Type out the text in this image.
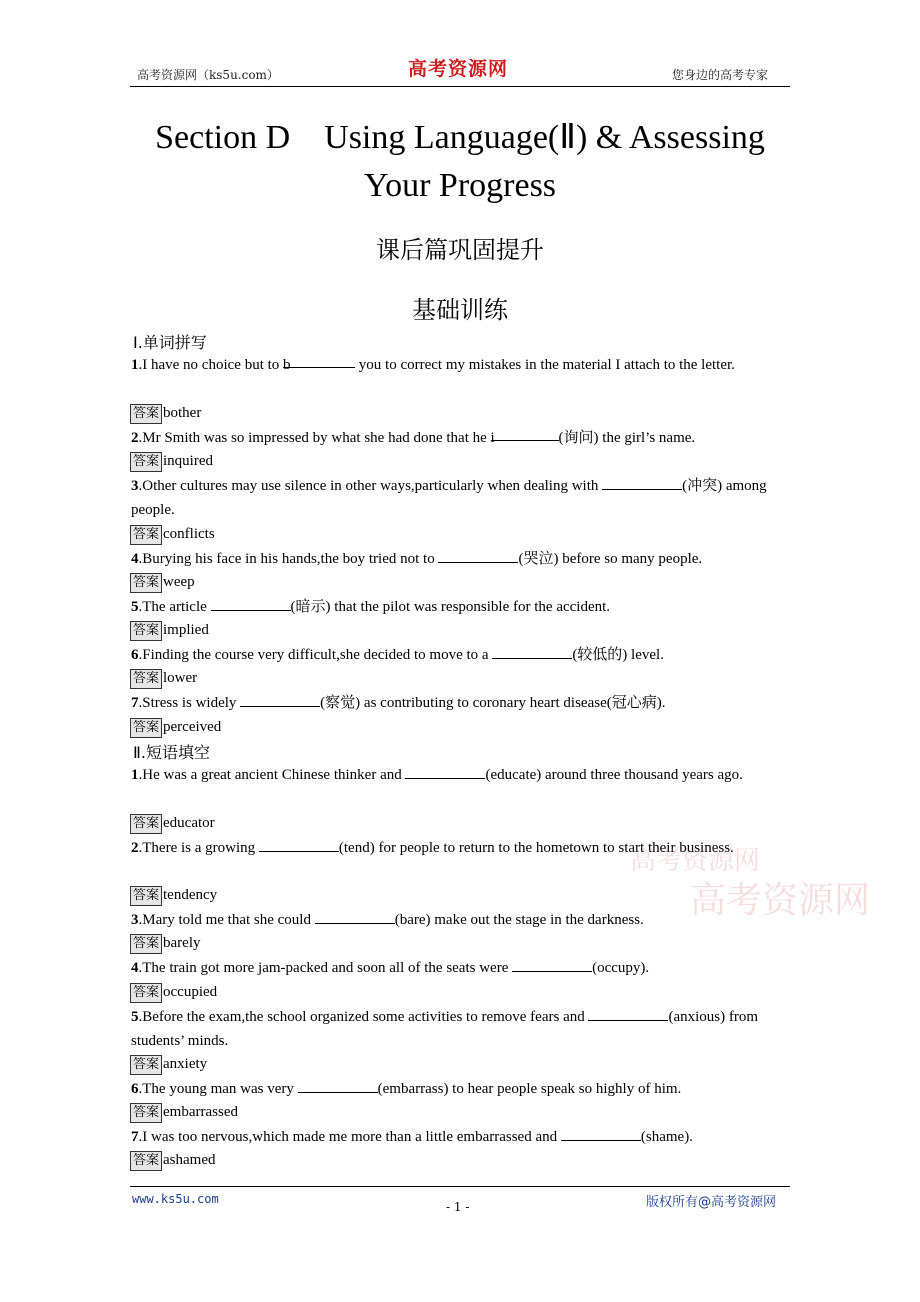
高考资源网（ks5u.com）	高考资源网	您身边的高考专家
Section D　Using Language(Ⅱ) & Assessing
Your Progress
课后篇巩固提升
基础训练
Ⅰ.单词拼写
1.I have no choice but to b	you to correct my mistakes in the material I attach to the letter.
答案 bother
2.Mr Smith was so impressed by what she had done that he i	(询问) the girl’s name.
答案 inquired
3.Other cultures may use silence in other ways,particularly when dealing with	(冲突) among people.
答案 conflicts
4.Burying his face in his hands,the boy tried not to	(哭泣) before so many people.
答案 weep
5.The article	(暗示) that the pilot was responsible for the accident.
答案 implied
6.Finding the course very difficult,she decided to move to a	(较低的) level.
答案 lower
7.Stress is widely	(察觉) as contributing to coronary heart disease(冠心病).
答案 perceived
Ⅱ.短语填空
1.He was a great ancient Chinese thinker and	(educate) around three thousand years ago.
答案 educator
2.There is a growing	(tend) for people to return to the hometown to start their business.
答案 tendency
3.Mary told me that she could	(bare) make out the stage in the darkness.
答案 barely
4.The train got more jam-packed and soon all of the seats were	(occupy).
答案 occupied
5.Before the exam,the school organized some activities to remove fears and	(anxious) from students’ minds.
答案 anxiety
6.The young man was very	(embarrass) to hear people speak so highly of him.
答案 embarrassed
7.I was too nervous,which made me more than a little embarrassed and	(shame).
答案 ashamed
高考资源网
高考资源网
www.ks5u.com
- 1 -	版权所有@高考资源网
